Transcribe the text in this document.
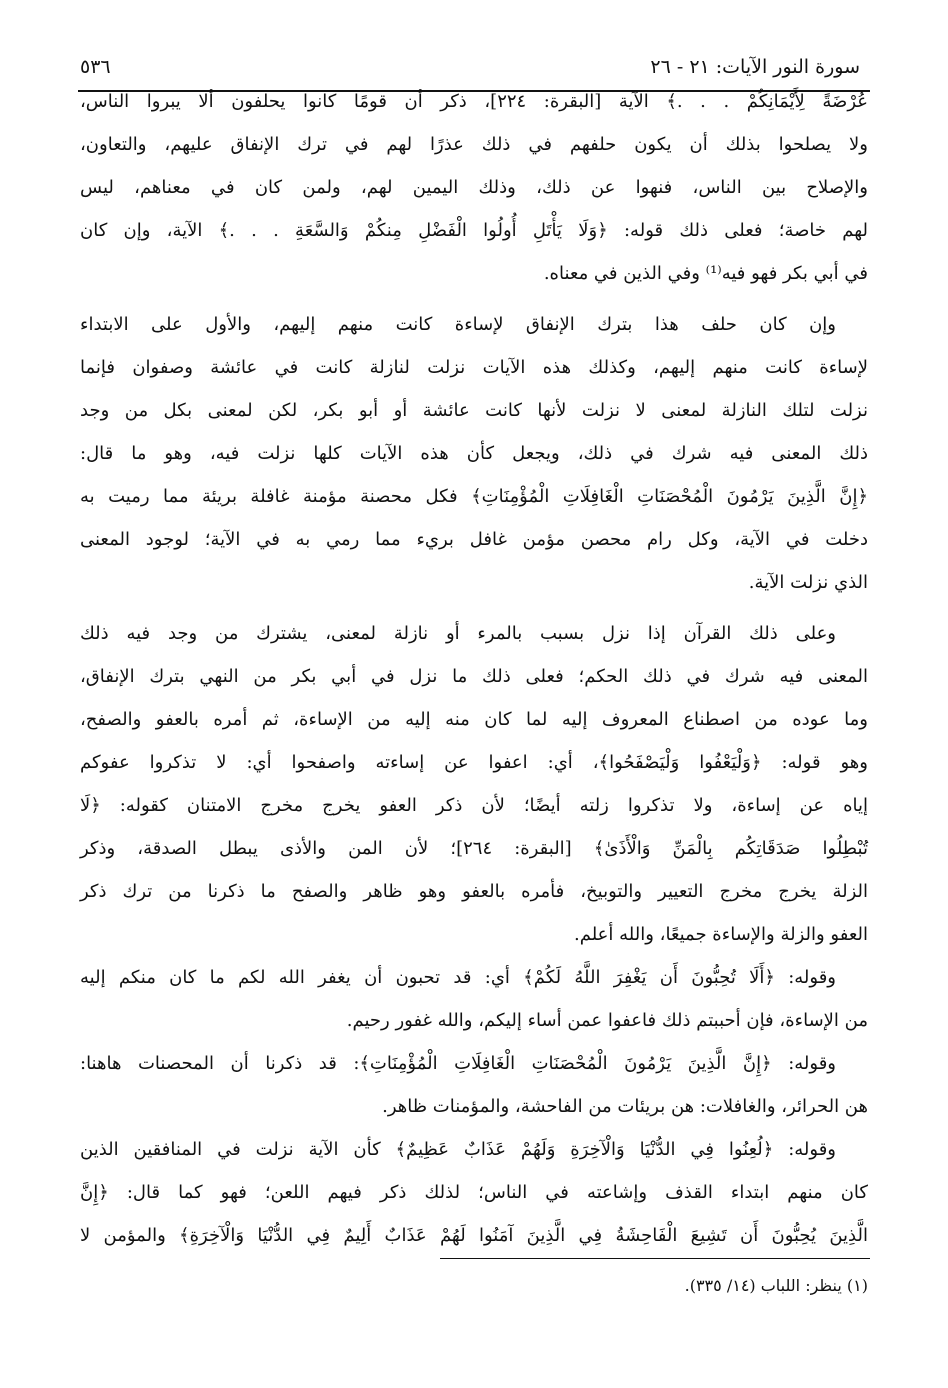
سورة النور الآيات: ٢١ - ٢٦
٥٣٦
عُرْضَةً لِأَيْمَانِكُمْ . . .﴾ الآية [البقرة: ٢٢٤]، ذكر أن قومًا كانوا يحلفون ألا يبروا الناس،
ولا يصلحوا بذلك أن يكون حلفهم في ذلك عذرًا لهم في ترك الإنفاق عليهم، والتعاون،
والإصلاح بين الناس، فنهوا عن ذلك، وذلك اليمين لهم، ولمن كان في معناهم، ليس
لهم خاصة؛ فعلى ذلك قوله: ﴿وَلَا يَأْتَلِ أُولُوا الْفَضْلِ مِنكُمْ وَالسَّعَةِ . . .﴾ الآية، وإن كان
في أبي بكر فهو فيه⁽¹⁾ وفي الذين في معناه.
وإن كان حلف هذا بترك الإنفاق لإساءة كانت منهم إليهم، والأول على الابتداء
لإساءة كانت منهم إليهم، وكذلك هذه الآيات نزلت لنازلة كانت في عائشة وصفوان فإنما
نزلت لتلك النازلة لمعنى لا نزلت لأنها كانت عائشة أو أبو بكر، لكن لمعنى بكل من وجد
ذلك المعنى فيه شرك في ذلك، ويجعل كأن هذه الآيات كلها نزلت فيه، وهو ما قال:
﴿إِنَّ الَّذِينَ يَرْمُونَ الْمُحْصَنَاتِ الْغَافِلَاتِ الْمُؤْمِنَاتِ﴾ فكل محصنة مؤمنة غافلة بريئة مما رميت به
دخلت في الآية، وكل رام محصن مؤمن غافل بريء مما رمي به في الآية؛ لوجود المعنى
الذي نزلت الآية.
وعلى ذلك القرآن إذا نزل بسبب بالمرء أو نازلة لمعنى، يشترك من وجد فيه ذلك
المعنى فيه شرك في ذلك الحكم؛ فعلى ذلك ما نزل في أبي بكر من النهي بترك الإنفاق،
وما عوده من اصطناع المعروف إليه لما كان منه إليه من الإساءة، ثم أمره بالعفو والصفح،
وهو قوله: ﴿وَلْيَعْفُوا وَلْيَصْفَحُوا﴾، أي: اعفوا عن إساءته واصفحوا أي: لا تذكروا عفوكم
إياه عن إساءة، ولا تذكروا زلته أيضًا؛ لأن ذكر العفو يخرج مخرج الامتنان كقوله: ﴿لَا
تُبْطِلُوا صَدَقَاتِكُم بِالْمَنِّ وَالْأَذَىٰ﴾ [البقرة: ٢٦٤]؛ لأن المن والأذى يبطل الصدقة، وذكر
الزلة يخرج مخرج التعيير والتوبيخ، فأمره بالعفو وهو ظاهر والصفح ما ذكرنا من ترك ذكر
العفو والزلة والإساءة جميعًا، والله أعلم.
وقوله: ﴿أَلَا تُحِبُّونَ أَن يَغْفِرَ اللَّهُ لَكُمْ﴾ أي: قد تحبون أن يغفر الله لكم ما كان منكم إليه
من الإساءة، فإن أحببتم ذلك فاعفوا عمن أساء إليكم، والله غفور رحيم.
وقوله: ﴿إِنَّ الَّذِينَ يَرْمُونَ الْمُحْصَنَاتِ الْغَافِلَاتِ الْمُؤْمِنَاتِ﴾: قد ذكرنا أن المحصنات هاهنا:
هن الحرائر، والغافلات: هن بريئات من الفاحشة، والمؤمنات ظاهر.
وقوله: ﴿لُعِنُوا فِي الدُّنْيَا وَالْآخِرَةِ وَلَهُمْ عَذَابٌ عَظِيمٌ﴾ كأن الآية نزلت في المنافقين الذين
كان منهم ابتداء القذف وإشاعته في الناس؛ لذلك ذكر فيهم اللعن؛ فهو كما قال: ﴿إِنَّ
الَّذِينَ يُحِبُّونَ أَن تَشِيعَ الْفَاحِشَةُ فِي الَّذِينَ آمَنُوا لَهُمْ عَذَابٌ أَلِيمٌ فِي الدُّنْيَا وَالْآخِرَةِ﴾ والمؤمن لا
(١) ينظر: اللباب (١٤/ ٣٣٥).
